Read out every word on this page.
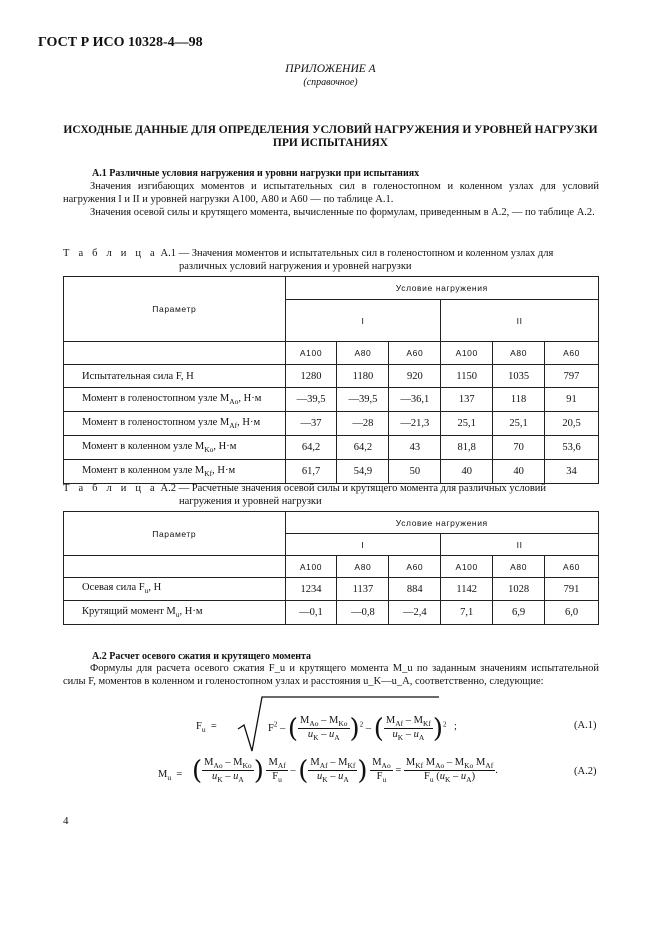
ГОСТ Р ИСО 10328-4—98
ПРИЛОЖЕНИЕ А
(справочное)
ИСХОДНЫЕ ДАННЫЕ ДЛЯ ОПРЕДЕЛЕНИЯ УСЛОВИЙ НАГРУЖЕНИЯ И УРОВНЕЙ НАГРУЗКИ
ПРИ ИСПЫТАНИЯХ
А.1 Различные условия нагружения и уровни нагрузки при испытаниях

Значения изгибающих моментов и испытательных сил в голеностопном и коленном узлах для условий нагружения I и II и уровней нагрузки А100, А80 и А60 — по таблице А.1.

Значения осевой силы и крутящего момента, вычисленные по формулам, приведенным в А.2, — по таблице А.2.

Т а б л и ц а А.1 — Значения моментов и испытательных сил в голеностопном и коленном узлах для
различных условий нагружения и уровней нагрузки
Параметр	Условие нагружения					
	I			II		
	А100	А80	А60	А100	А80	А60
Испытательная сила F, H	1280	1180	920	1150	1035	797
Момент в голеностопном узле $M_{Ao}$, H·м	—39,5	—39,5	—36,1	137	118	91
Момент в голеностопном узле $M_{Af}$, H·м	—37	—28	—21,3	25,1	25,1	20,5
Момент в коленном узле $M_{Ko}$, H·м	64,2	64,2	43	81,8	70	53,6
Момент в коленном узле $M_{Kf}$, H·м	61,7	54,9	50	40	40	34
Т а б л и ц а А.2 — Расчетные значения осевой силы и крутящего момента для различных условий
нагружения и уровней нагрузки
Параметр	Условие нагружения					
	I			II		
	А100	А80	А60	А100	А80	А60
Осевая сила $F_u$, H	1234	1137	884	1142	1028	791
Крутящий момент $M_u$, H·м	—0,1	—0,8	—2,4	7,1	6,9	6,0
А.2 Расчет осевого сжатия и крутящего момента

Формулы для расчета осевого сжатия F_u и крутящего момента M_u по заданным значениям испытательной силы F, моментов в коленном и голеностопном узлах и расстояния u_K—u_A, соответственно, следующие:

$F_u$  =	$F^2$ – ( $\frac{M_{Ao} - M_{Ko}}{u_K - u_A} )^2$ – ( $\frac{M_{Af} - M_{Kf}}{u_K - u_A} )^2$ ;	(А.1)
$M_u$  = ( $\frac{M_{Ao} - M_{Ko}}{u_K - u_A}$ ) $\frac{M_{Af}}{F_u}$ – ( $\frac{M_{Af} - M_{Kf}}{u_K - u_A}$ ) $\frac{M_{Ao}}{F_u} = \frac{M_{Kf} M_{Ao} - M_{Ko} M_{Af}}{F_u (u_K - u_A)}$ .	(А.2)
4
